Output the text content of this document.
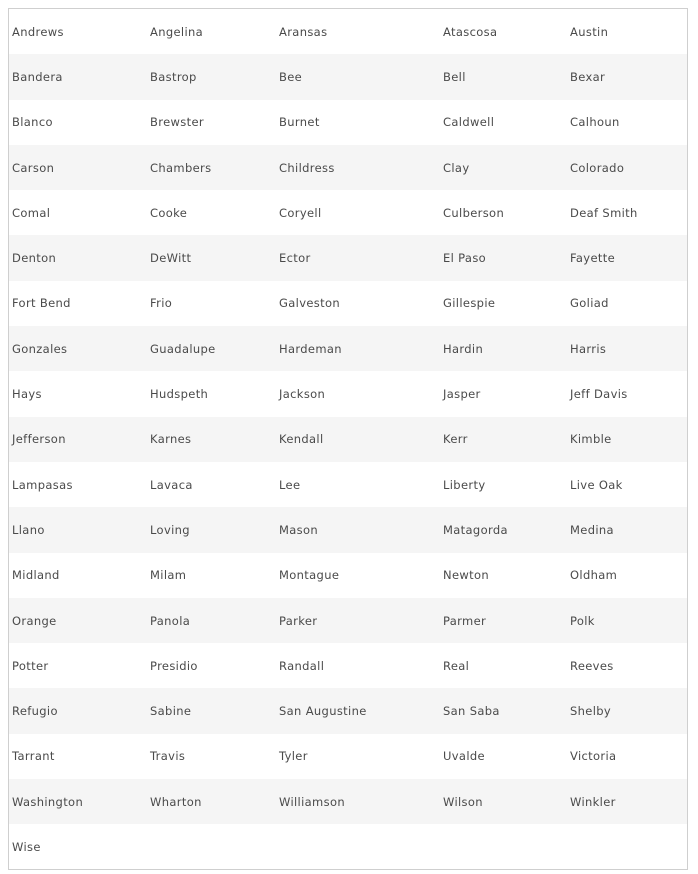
Andrews	Angelina	Aransas	Atascosa	Austin
Bandera	Bastrop	Bee	Bell	Bexar
Blanco	Brewster	Burnet	Caldwell	Calhoun
Carson	Chambers	Childress	Clay	Colorado
Comal	Cooke	Coryell	Culberson	Deaf Smith
Denton	DeWitt	Ector	El Paso	Fayette
Fort Bend	Frio	Galveston	Gillespie	Goliad
Gonzales	Guadalupe	Hardeman	Hardin	Harris
Hays	Hudspeth	Jackson	Jasper	Jeff Davis
Jefferson	Karnes	Kendall	Kerr	Kimble
Lampasas	Lavaca	Lee	Liberty	Live Oak
Llano	Loving	Mason	Matagorda	Medina
Midland	Milam	Montague	Newton	Oldham
Orange	Panola	Parker	Parmer	Polk
Potter	Presidio	Randall	Real	Reeves
Refugio	Sabine	San Augustine	San Saba	Shelby
Tarrant	Travis	Tyler	Uvalde	Victoria
Washington	Wharton	Williamson	Wilson	Winkler
Wise				
